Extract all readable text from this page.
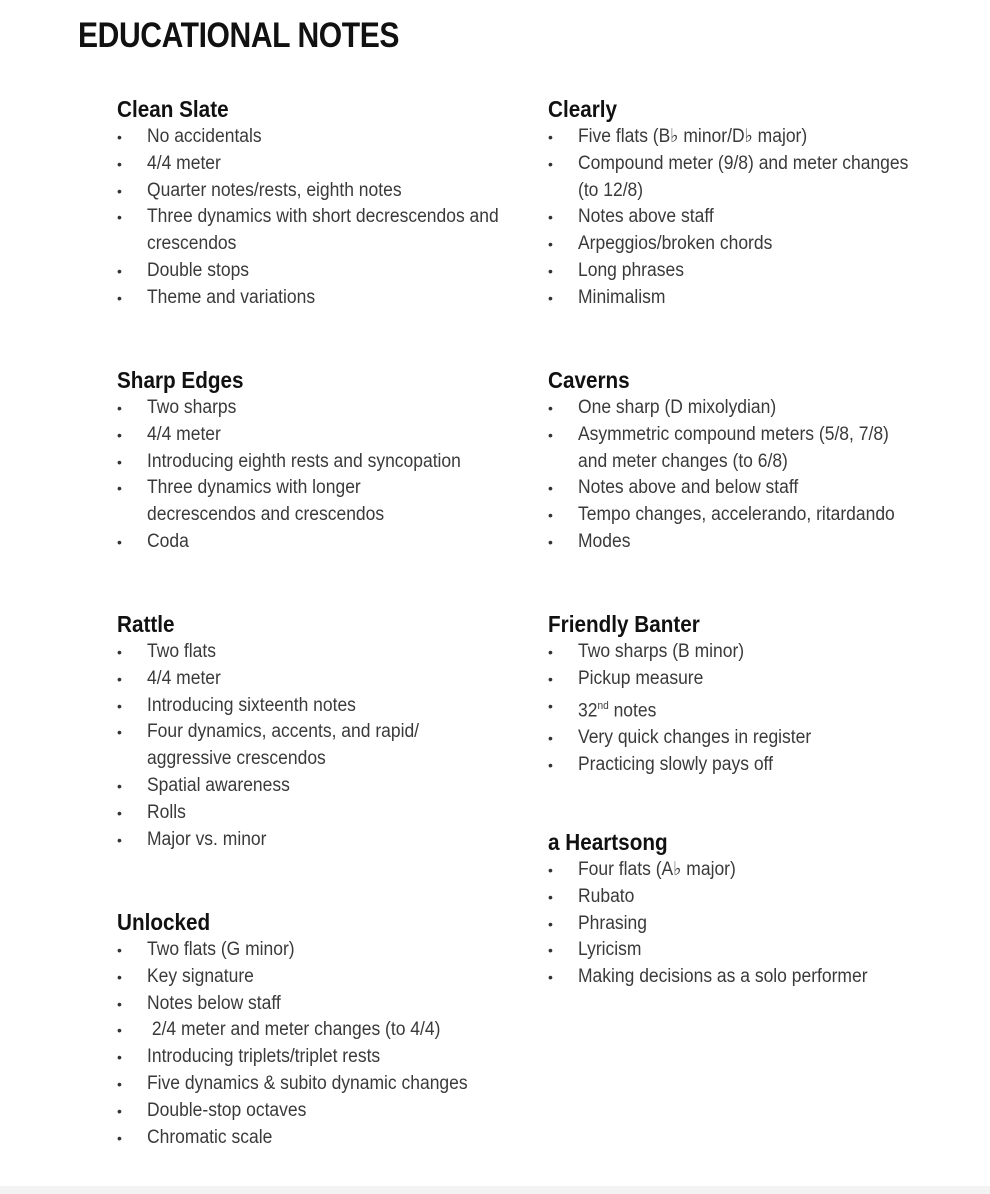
EDUCATIONAL NOTES
Clean Slate
• No accidentals
• 4/4 meter
• Quarter notes/rests, eighth notes
• Three dynamics with short decrescendos and crescendos
• Double stops
• Theme and variations
Clearly
• Five flats (B♭ minor/D♭ major)
• Compound meter (9/8) and meter changes (to 12/8)
• Notes above staff
• Arpeggios/broken chords
• Long phrases
• Minimalism
Sharp Edges
• Two sharps
• 4/4 meter
• Introducing eighth rests and syncopation
• Three dynamics with longer decrescendos and crescendos
• Coda
Caverns
• One sharp (D mixolydian)
• Asymmetric compound meters (5/8, 7/8) and meter changes (to 6/8)
• Notes above and below staff
• Tempo changes, accelerando, ritardando
• Modes
Rattle
• Two flats
• 4/4 meter
• Introducing sixteenth notes
• Four dynamics, accents, and rapid/ aggressive crescendos
• Spatial awareness
• Rolls
• Major vs. minor
Friendly Banter
• Two sharps (B minor)
• Pickup measure
• 32nd notes
• Very quick changes in register
• Practicing slowly pays off
a Heartsong
• Four flats (A♭ major)
• Rubato
• Phrasing
• Lyricism
• Making decisions as a solo performer
Unlocked
• Two flats (G minor)
• Key signature
• Notes below staff
• 2/4 meter and meter changes (to 4/4)
• Introducing triplets/triplet rests
• Five dynamics & subito dynamic changes
• Double-stop octaves
• Chromatic scale
